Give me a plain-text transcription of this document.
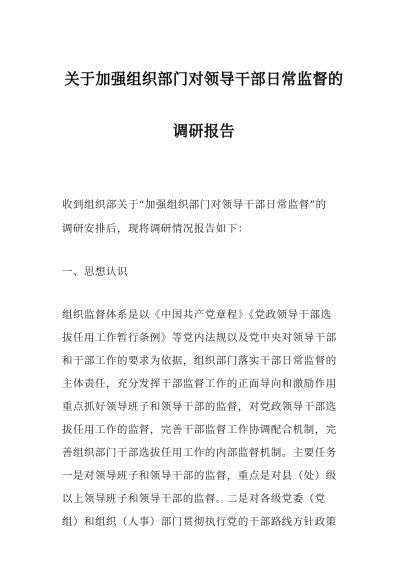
关于加强组织部门对领导干部日常监督的
调研报告
收到组织部关于“加强组织部门对领导干部日常监督”的
调研安排后，现将调研情况报告如下：
一、思想认识
组织监督体系是以《中国共产党章程》《党政领导干部选
拔任用工作暂行条例》等党内法规以及党中央对领导干部
和干部工作的要求为依据，组织部门落实干部日常监督的
主体责任，充分发挥干部监督工作的正面导向和激励作用
重点抓好领导班子和领导干部的监督，对党政领导干部选
拔任用工作的监督，完善干部监督工作协调配合机制，完
善组织部门干部选拔任用工作的内部监督机制。主要任务
一是对领导班子和领导干部的监督，重点是对县（处）级
以上领导班子和领导干部的监督。二是对各级党委（党
组）和组织（人事）部门贯彻执行党的干部路线方针政策
